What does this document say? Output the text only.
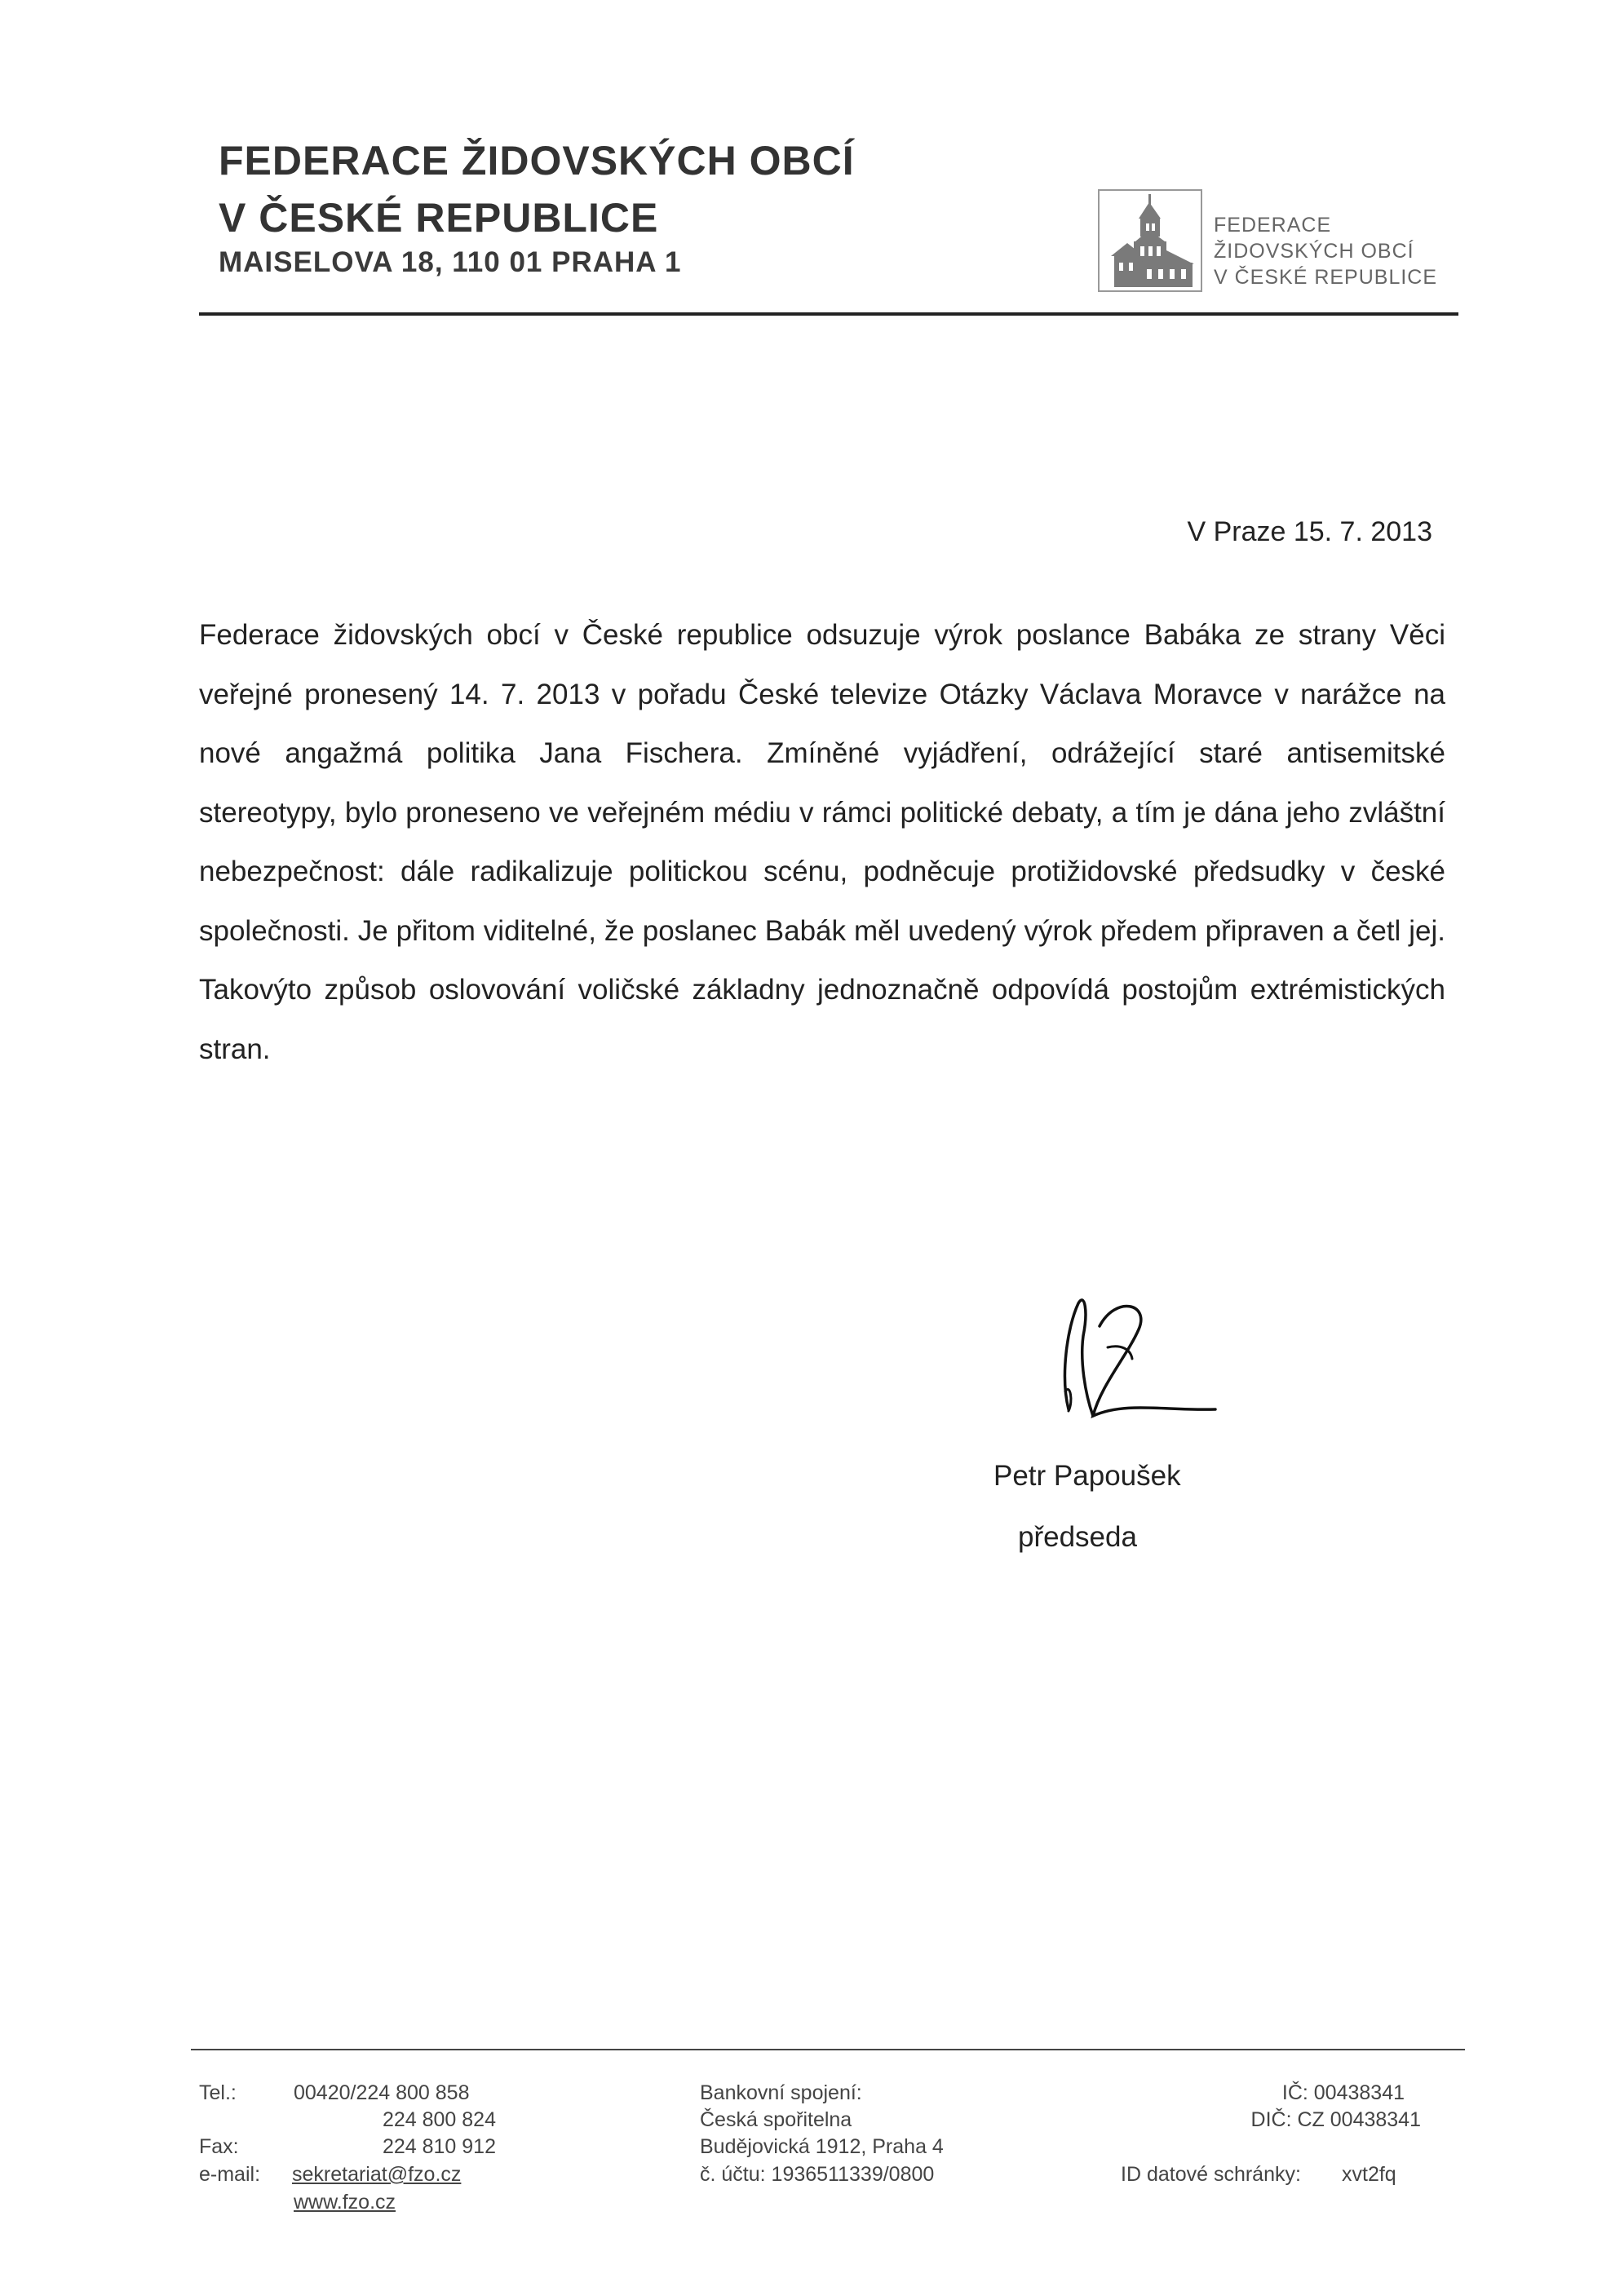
FEDERACE ŽIDOVSKÝCH OBCÍ
V ČESKÉ REPUBLICE
MAISELOVA 18, 110 01 PRAHA 1
FEDERACE
ŽIDOVSKÝCH OBCÍ
V ČESKÉ REPUBLICE
V Praze 15. 7. 2013
Federace židovských obcí v České republice odsuzuje výrok poslance Babáka ze strany Věci veřejné pronesený 14. 7. 2013 v pořadu České televize Otázky Václava Moravce v narážce na nové angažmá politika Jana Fischera. Zmíněné vyjádření, odrážející staré antisemitské stereotypy, bylo proneseno ve veřejném médiu v rámci politické debaty, a tím je dána jeho zvláštní nebezpečnost: dále radikalizuje politickou scénu, podněcuje protižidovské předsudky v české společnosti. Je přitom viditelné, že poslanec Babák měl uvedený výrok předem připraven a četl jej. Takovýto způsob oslovování voličské základny jednoznačně odpovídá postojům extrémistických stran.
Petr Papoušek
předseda
Tel.:	00420/224 800 858
224 800 824
Fax:	224 810 912
e-mail: sekretariat@fzo.cz
www.fzo.cz
Bankovní spojení:
Česká spořitelna
Budějovická 1912, Praha 4
č. účtu: 1936511339/0800
IČ: 00438341
DIČ: CZ 00438341
ID datové schránky: xvt2fq
